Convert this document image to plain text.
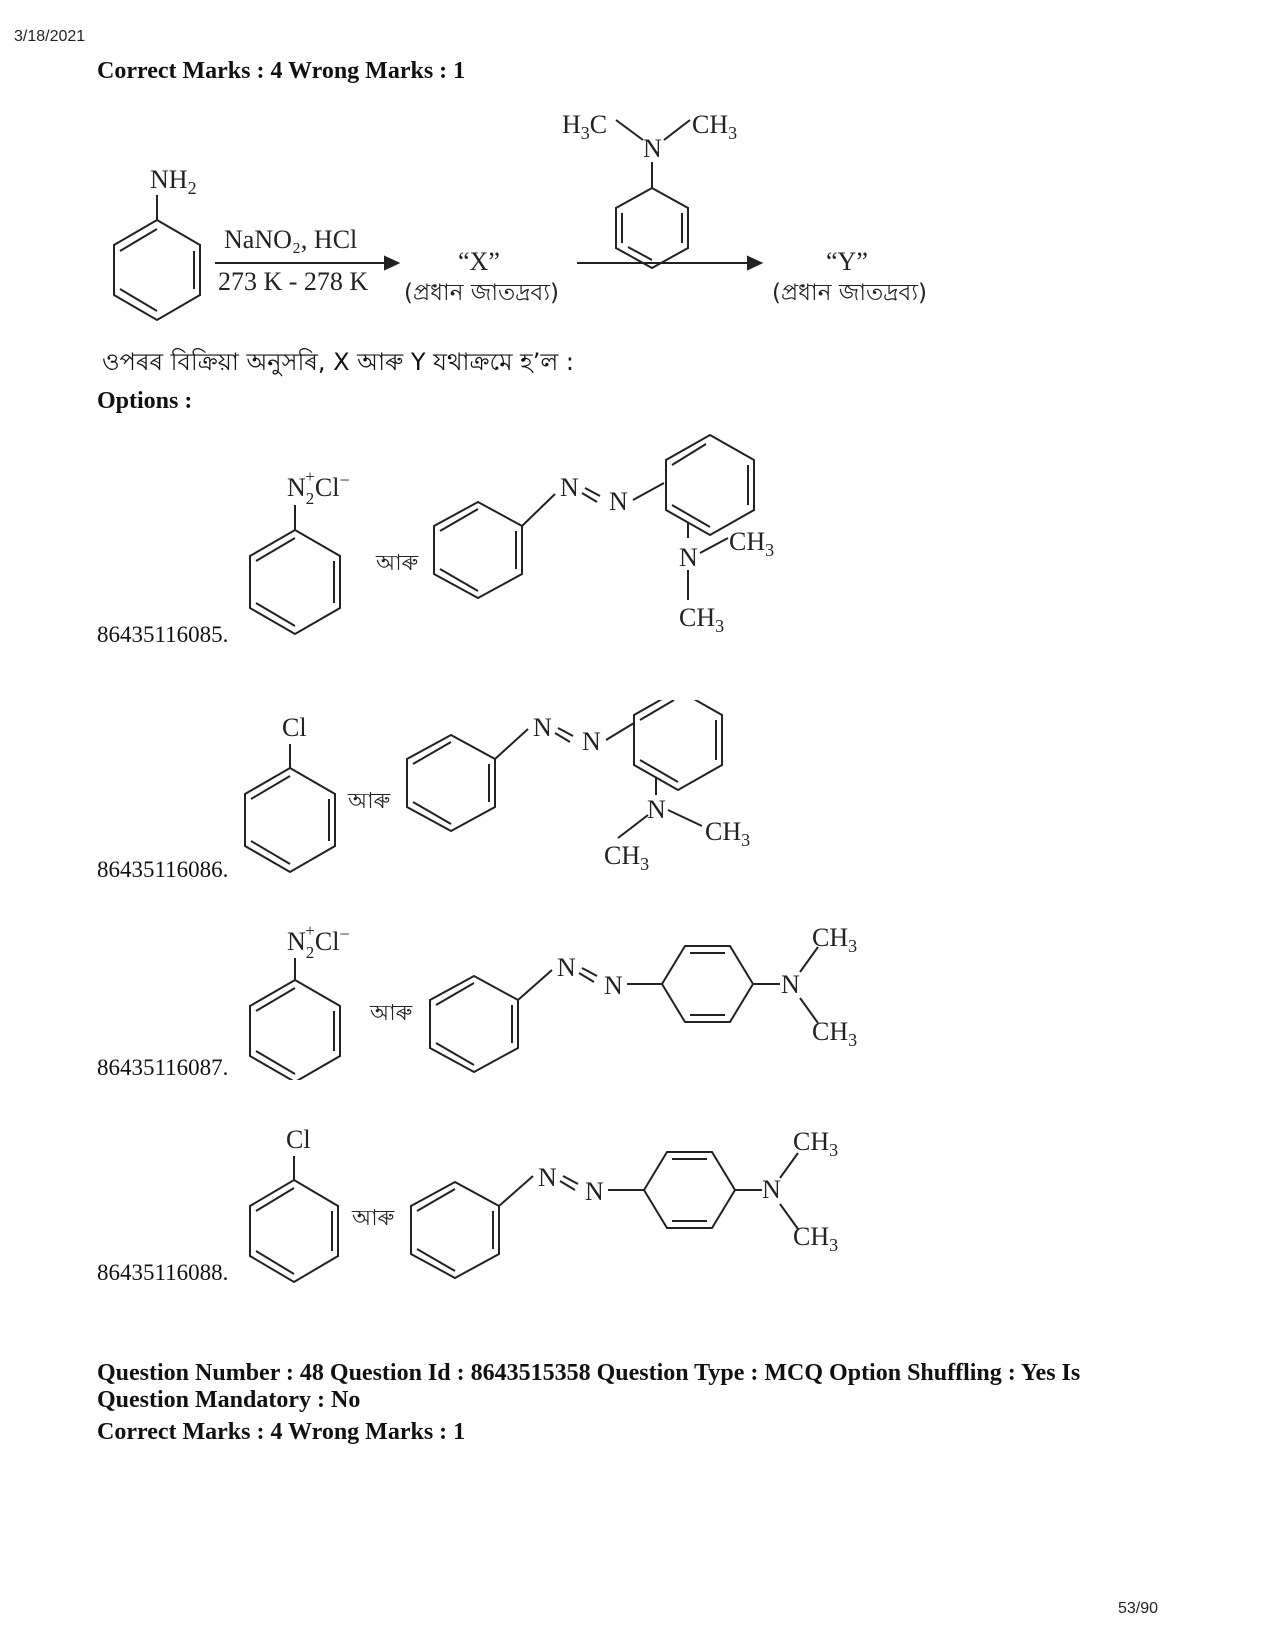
3/18/2021
Correct Marks : 4 Wrong Marks : 1
$NH_2$
NaNO₂, HCl
273 K - 278 K
“X”
(প্ৰধান জাতদ্ৰব্য)
$H_3C$	$CH_3$
N
“Y”
(প্ৰধান জাতদ্ৰব্য)
ওপৰৰ বিক্ৰিয়া অনুসৰি, X আৰু Y যথাক্ৰমে হ’ল :
Options :
$N_2+Cl^-$
আৰু
N N
N
$CH_3$
$CH_3$
86435116085.
Cl
আৰু
N N
N
$CH_3$
$CH_3$
86435116086.
$N_2+Cl^-$
আৰু
N
N	N
$CH_3$
$CH_3$
86435116087.
Cl
আৰু
N N	N
$CH_3$
$CH_3$
86435116088.
Question Number : 48 Question Id : 8643515358 Question Type : MCQ Option Shuffling : Yes Is
Question Mandatory : No
Correct Marks : 4 Wrong Marks : 1
53/90
